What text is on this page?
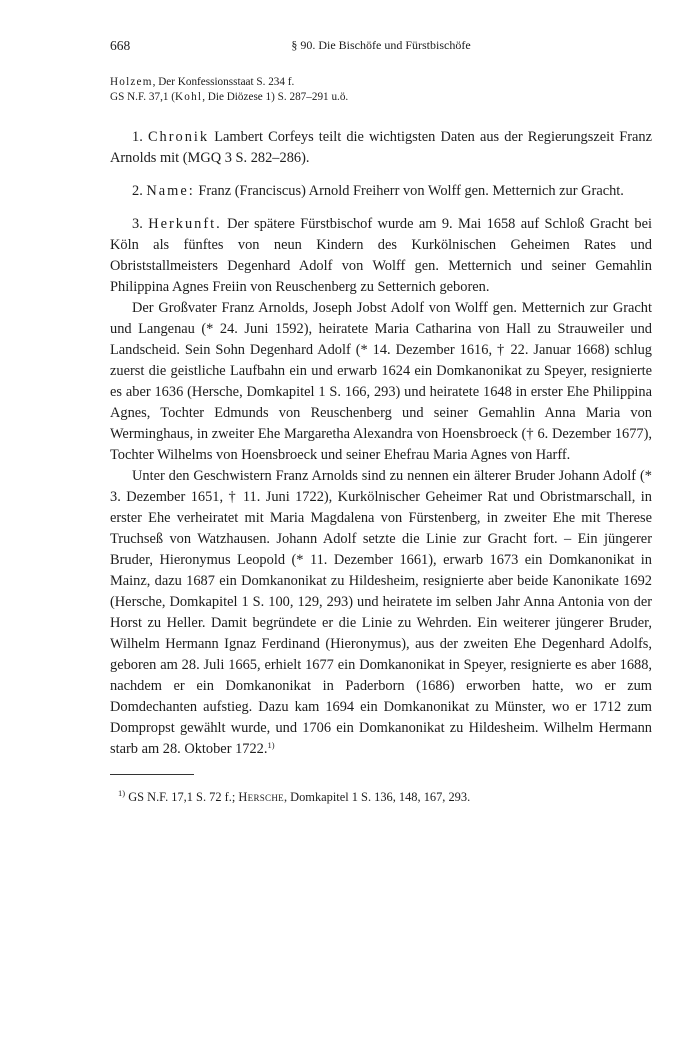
668	§ 90. Die Bischöfe und Fürstbischöfe
Holzem, Der Konfessionsstaat S. 234 f.
GS N.F. 37,1 (Kohl, Die Diözese 1) S. 287–291 u.ö.

1. Chronik Lambert Corfeys teilt die wichtigsten Daten aus der Regierungszeit Franz Arnolds mit (MGQ 3 S. 282–286).

2. Name: Franz (Franciscus) Arnold Freiherr von Wolff gen. Metternich zur Gracht.

3. Herkunft. Der spätere Fürstbischof wurde am 9. Mai 1658 auf Schloß Gracht bei Köln als fünftes von neun Kindern des Kurkölnischen Geheimen Rates und Obriststallmeisters Degenhard Adolf von Wolff gen. Metternich und seiner Gemahlin Philippina Agnes Freiin von Reuschenberg zu Setternich geboren.

Der Großvater Franz Arnolds, Joseph Jobst Adolf von Wolff gen. Metternich zur Gracht und Langenau (* 24. Juni 1592), heiratete Maria Catharina von Hall zu Strauweiler und Landscheid. Sein Sohn Degenhard Adolf (* 14. Dezember 1616, † 22. Januar 1668) schlug zuerst die geistliche Laufbahn ein und erwarb 1624 ein Domkanonikat zu Speyer, resignierte es aber 1636 (Hersche, Domkapitel 1 S. 166, 293) und heiratete 1648 in erster Ehe Philippina Agnes, Tochter Edmunds von Reuschenberg und seiner Gemahlin Anna Maria von Werminghaus, in zweiter Ehe Margaretha Alexandra von Hoensbroeck († 6. Dezember 1677), Tochter Wilhelms von Hoensbroeck und seiner Ehefrau Maria Agnes von Harff.

Unter den Geschwistern Franz Arnolds sind zu nennen ein älterer Bruder Johann Adolf (* 3. Dezember 1651, † 11. Juni 1722), Kurkölnischer Geheimer Rat und Obristmarschall, in erster Ehe verheiratet mit Maria Magdalena von Fürstenberg, in zweiter Ehe mit Therese Truchseß von Watzhausen. Johann Adolf setzte die Linie zur Gracht fort. – Ein jüngerer Bruder, Hieronymus Leopold (* 11. Dezember 1661), erwarb 1673 ein Domkanonikat in Mainz, dazu 1687 ein Domkanonikat zu Hildesheim, resignierte aber beide Kanonikate 1692 (Hersche, Domkapitel 1 S. 100, 129, 293) und heiratete im selben Jahr Anna Antonia von der Horst zu Heller. Damit begründete er die Linie zu Wehrden. Ein weiterer jüngerer Bruder, Wilhelm Hermann Ignaz Ferdinand (Hieronymus), aus der zweiten Ehe Degenhard Adolfs, geboren am 28. Juli 1665, erhielt 1677 ein Domkanonikat in Speyer, resignierte es aber 1688, nachdem er ein Domkanonikat in Paderborn (1686) erworben hatte, wo er zum Domdechanten aufstieg. Dazu kam 1694 ein Domkanonikat zu Münster, wo er 1712 zum Dompropst gewählt wurde, und 1706 ein Domkanonikat zu Hildesheim. Wilhelm Hermann starb am 28. Oktober 1722.$^{1)}$

$^{1)}$ GS N.F. 17,1 S. 72 f.; Hersche, Domkapitel 1 S. 136, 148, 167, 293.
